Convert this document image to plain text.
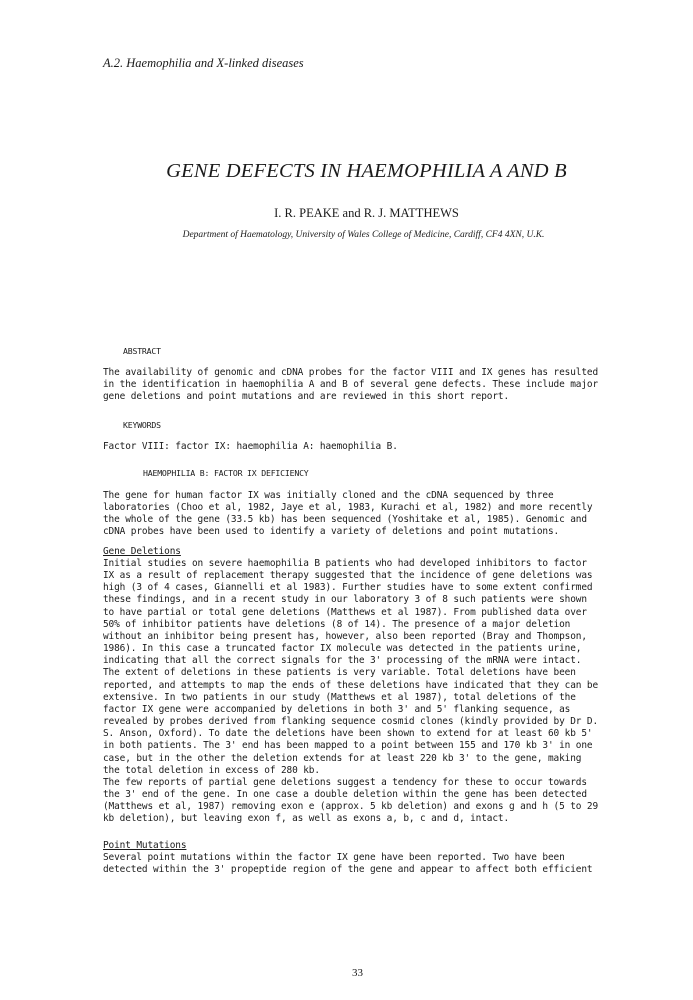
A.2. Haemophilia and X-linked diseases
GENE DEFECTS IN HAEMOPHILIA A AND B
I. R. PEAKE and R. J. MATTHEWS
Department of Haematology, University of Wales College of Medicine, Cardiff, CF4 4XN, U.K.
ABSTRACT
The availability of genomic and cDNA probes for the factor VIII and IX genes has resulted
in the identification in haemophilia A and B of several gene defects. These include major
gene deletions and point mutations and are reviewed in this short report.
KEYWORDS
Factor VIII: factor IX: haemophilia A: haemophilia B.
HAEMOPHILIA B: FACTOR IX DEFICIENCY
The gene for human factor IX was initially cloned and the cDNA sequenced by three
laboratories (Choo et al, 1982, Jaye et al, 1983, Kurachi et al, 1982) and more recently
the whole of the gene (33.5 kb) has been sequenced (Yoshitake et al, 1985). Genomic and
cDNA probes have been used to identify a variety of deletions and point mutations.
Gene Deletions
Initial studies on severe haemophilia B patients who had developed inhibitors to factor
IX as a result of replacement therapy suggested that the incidence of gene deletions was
high (3 of 4 cases, Giannelli et al 1983). Further studies have to some extent confirmed
these findings, and in a recent study in our laboratory 3 of 8 such patients were shown
to have partial or total gene deletions (Matthews et al 1987). From published data over
50% of inhibitor patients have deletions (8 of 14). The presence of a major deletion
without an inhibitor being present has, however, also been reported (Bray and Thompson,
1986). In this case a truncated factor IX molecule was detected in the patients urine,
indicating that all the correct signals for the 3' processing of the mRNA were intact.
The extent of deletions in these patients is very variable. Total deletions have been
reported, and attempts to map the ends of these deletions have indicated that they can be
extensive. In two patients in our study (Matthews et al 1987), total deletions of the
factor IX gene were accompanied by deletions in both 3' and 5' flanking sequence, as
revealed by probes derived from flanking sequence cosmid clones (kindly provided by Dr D.
S. Anson, Oxford). To date the deletions have been shown to extend for at least 60 kb 5'
in both patients. The 3' end has been mapped to a point between 155 and 170 kb 3' in one
case, but in the other the deletion extends for at least 220 kb 3' to the gene, making
the total deletion in excess of 280 kb.
The few reports of partial gene deletions suggest a tendency for these to occur towards
the 3' end of the gene. In one case a double deletion within the gene has been detected
(Matthews et al, 1987) removing exon e (approx. 5 kb deletion) and exons g and h (5 to 29
kb deletion), but leaving exon f, as well as exons a, b, c and d, intact.
Point Mutations
Several point mutations within the factor IX gene have been reported. Two have been
detected within the 3' propeptide region of the gene and appear to affect both efficient
33
